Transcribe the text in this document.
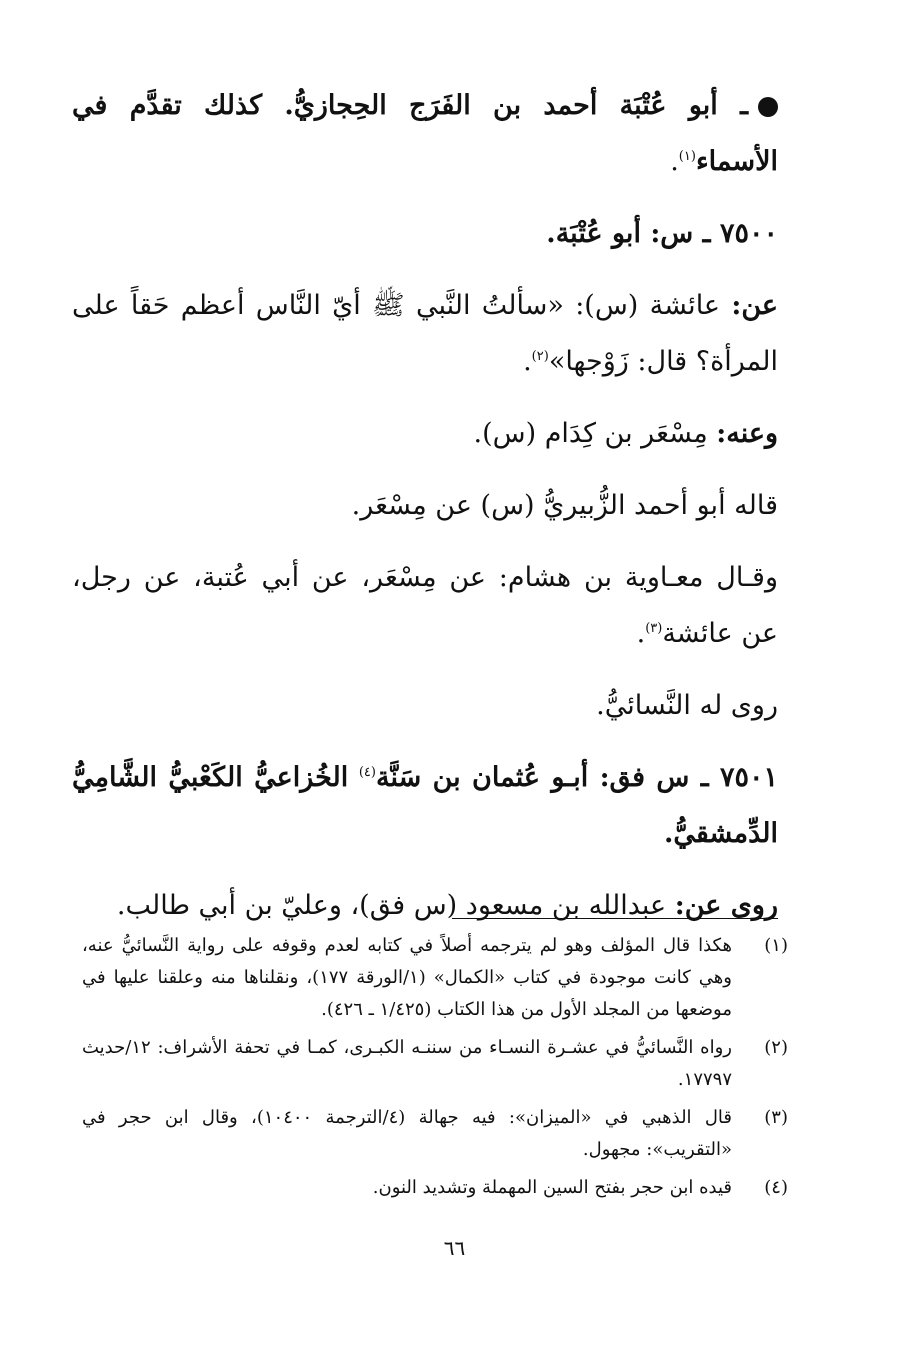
ـ أبو عُتْبَة أحمد بن الفَرَج الحِجازيُّ. كذلك تقدَّم في الأسماء$^{(١)}$.

٧٥٠٠ ـ س: أبو عُتْبَة.

عن: عائشة (س): «سألتُ النَّبي ﷺ أيّ النَّاس أعظم حَقاً على المرأة؟ قال: زَوْجها»$^{(٢)}$.

وعنه: مِسْعَر بن كِدَام (س).

قاله أبو أحمد الزُّبيريُّ (س) عن مِسْعَر.

وقـال معـاوية بن هشام: عن مِسْعَر، عن أبي عُتبة، عن رجل، عن عائشة$^{(٣)}$.

روى له النَّسائيُّ.

٧٥٠١ ـ س فق: أبـو عُثمان بن سَنَّة$^{(٤)}$ الخُزاعيُّ الكَعْبيُّ الشَّامِيُّ الدِّمشقيُّ.

روى عن: عبدالله بن مسعود (س فق)، وعليّ بن أبي طالب.

(١)
هكذا قال المؤلف وهو لم يترجمه أصلاً في كتابه لعدم وقوفه على رواية النَّسائيُّ عنه، وهي كانت موجودة في كتاب «الكمال» (١/الورقة ١٧٧)، ونقلناها منه وعلقنا عليها في موضعها من المجلد الأول من هذا الكتاب (١/٤٢٥ ـ ٤٢٦).
(٢)
رواه النَّسائيُّ في عشـرة النسـاء من سننـه الكبـرى، كمـا في تحفة الأشراف: ١٢/حديث ١٧٧٩٧.
(٣)
قال الذهبي في «الميزان»: فيه جهالة (٤/الترجمة ١٠٤٠٠)، وقال ابن حجر في «التقريب»: مجهول.
(٤)
قيده ابن حجر بفتح السين المهملة وتشديد النون.
٦٦
